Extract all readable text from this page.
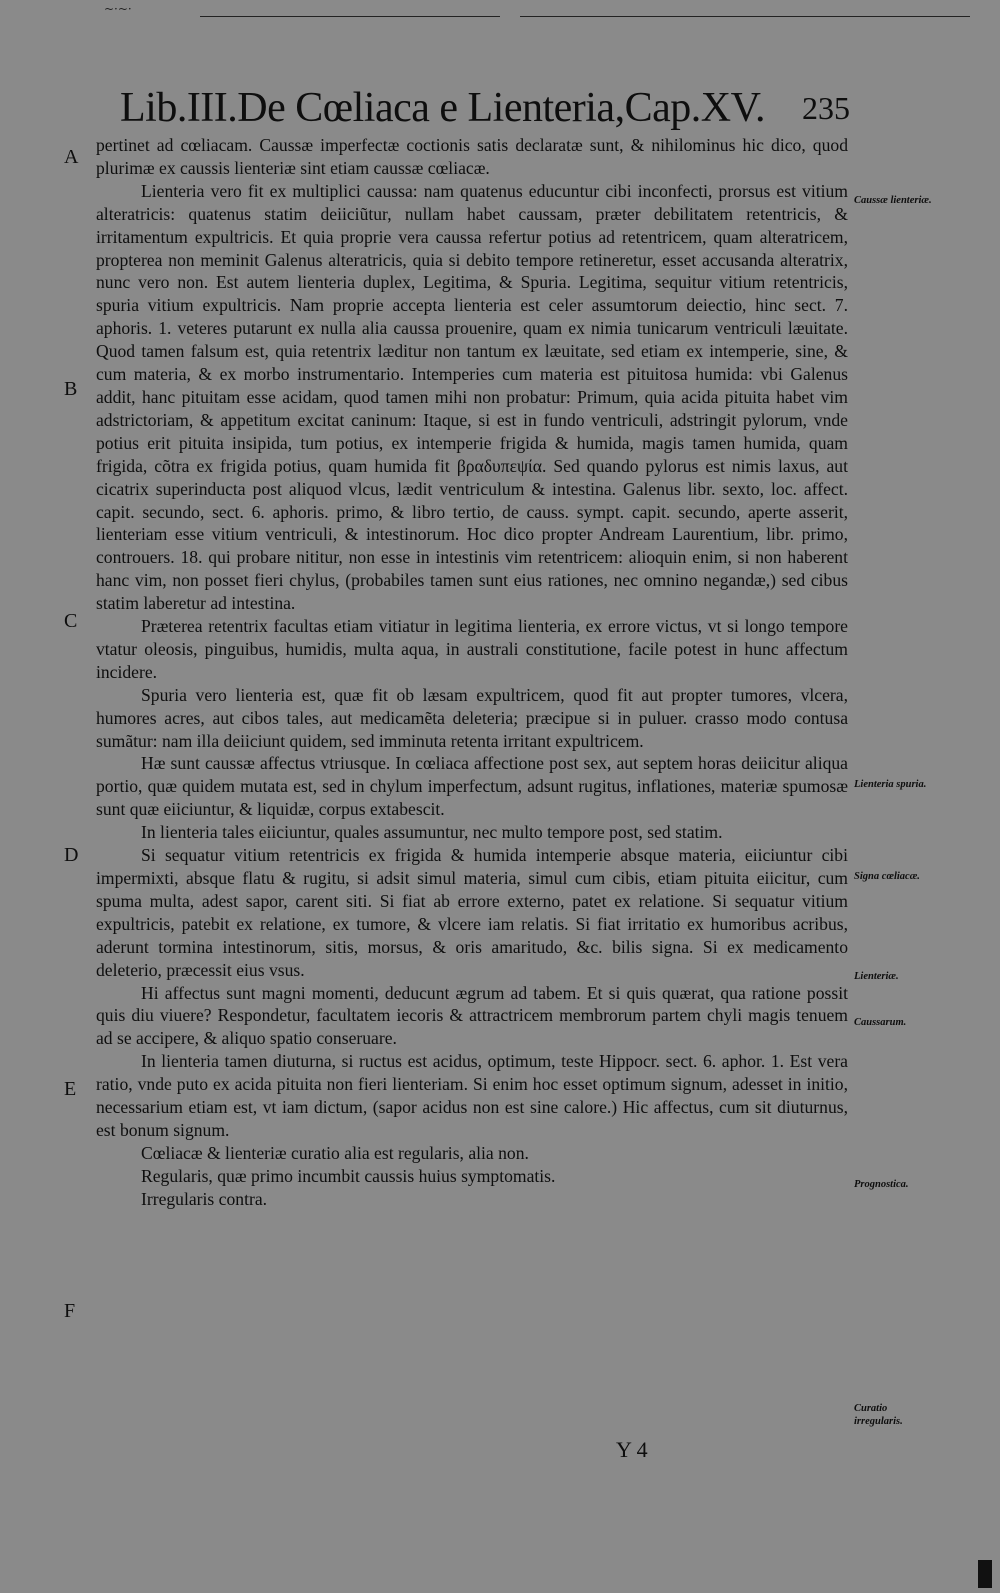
~·~·
Lib.III.De Cœliaca e Lienteria,Cap.XV. 235
A
B
C
D
E
F
Caussæ lienteriæ.
Lienteria spuria.
Signa cœliacæ.
Lienteriæ.
Caussarum.
Prognostica.
Curatio irregularis.

pertinet ad cœliacam. Caussæ imperfectæ coctionis satis declaratæ sunt, & nihilominus hic dico, quod plurimæ ex caussis lienteriæ sint etiam caussæ cœliacæ.

Lienteria vero fit ex multiplici caussa: nam quatenus educuntur cibi inconfecti, prorsus est vitium alteratricis: quatenus statim deiiciũtur, nullam habet caussam, præter debilitatem retentricis, & irritamentum expultricis. Et quia proprie vera caussa refertur potius ad retentricem, quam alteratricem, propterea non meminit Galenus alteratricis, quia si debito tempore retineretur, esset accusanda alteratrix, nunc vero non. Est autem lienteria duplex, Legitima, & Spuria. Legitima, sequitur vitium retentricis, spuria vitium expultricis. Nam proprie accepta lienteria est celer assumtorum deiectio, hinc sect. 7. aphoris. 1. veteres putarunt ex nulla alia caussa prouenire, quam ex nimia tunicarum ventriculi læuitate. Quod tamen falsum est, quia retentrix læditur non tantum ex læuitate, sed etiam ex intemperie, sine, & cum materia, & ex morbo instrumentario. Intemperies cum materia est pituitosa humida: vbi Galenus addit, hanc pituitam esse acidam, quod tamen mihi non probatur: Primum, quia acida pituita habet vim adstrictoriam, & appetitum excitat caninum: Itaque, si est in fundo ventriculi, adstringit pylorum, vnde potius erit pituita insipida, tum potius, ex intemperie frigida & humida, magis tamen humida, quam frigida, cõtra ex frigida potius, quam humida fit βραδυπεψία. Sed quando pylorus est nimis laxus, aut cicatrix superinducta post aliquod vlcus, lædit ventriculum & intestina. Galenus libr. sexto, loc. affect. capit. secundo, sect. 6. aphoris. primo, & libro tertio, de causs. sympt. capit. secundo, aperte asserit, lienteriam esse vitium ventriculi, & intestinorum. Hoc dico propter Andream Laurentium, libr. primo, controuers. 18. qui probare nititur, non esse in intestinis vim retentricem: alioquin enim, si non haberent hanc vim, non posset fieri chylus, (probabiles tamen sunt eius rationes, nec omnino negandæ,) sed cibus statim laberetur ad intestina.

Præterea retentrix facultas etiam vitiatur in legitima lienteria, ex errore victus, vt si longo tempore vtatur oleosis, pinguibus, humidis, multa aqua, in australi constitutione, facile potest in hunc affectum incidere.

Spuria vero lienteria est, quæ fit ob læsam expultricem, quod fit aut propter tumores, vlcera, humores acres, aut cibos tales, aut medicamẽta deleteria; præcipue si in puluer. crasso modo contusa sumãtur: nam illa deiiciunt quidem, sed imminuta retenta irritant expultricem.

Hæ sunt caussæ affectus vtriusque. In cœliaca affectione post sex, aut septem horas deiicitur aliqua portio, quæ quidem mutata est, sed in chylum imperfectum, adsunt rugitus, inflationes, materiæ spumosæ sunt quæ eiiciuntur, & liquidæ, corpus extabescit.

In lienteria tales eiiciuntur, quales assumuntur, nec multo tempore post, sed statim.

Si sequatur vitium retentricis ex frigida & humida intemperie absque materia, eiiciuntur cibi impermixti, absque flatu & rugitu, si adsit simul materia, simul cum cibis, etiam pituita eiicitur, cum spuma multa, adest sapor, carent siti. Si fiat ab errore externo, patet ex relatione. Si sequatur vitium expultricis, patebit ex relatione, ex tumore, & vlcere iam relatis. Si fiat irritatio ex humoribus acribus, aderunt tormina intestinorum, sitis, morsus, & oris amaritudo, &c. bilis signa. Si ex medicamento deleterio, præcessit eius vsus.

Hi affectus sunt magni momenti, deducunt ægrum ad tabem. Et si quis quærat, qua ratione possit quis diu viuere? Respondetur, facultatem iecoris & attractricem membrorum partem chyli magis tenuem ad se accipere, & aliquo spatio conseruare.

In lienteria tamen diuturna, si ructus est acidus, optimum, teste Hippocr. sect. 6. aphor. 1. Est vera ratio, vnde puto ex acida pituita non fieri lienteriam. Si enim hoc esset optimum signum, adesset in initio, necessarium etiam est, vt iam dictum, (sapor acidus non est sine calore.) Hic affectus, cum sit diuturnus, est bonum signum.

Cœliacæ & lienteriæ curatio alia est regularis, alia non.

Regularis, quæ primo incumbit caussis huius symptomatis.

Irregularis contra.

Y 4
